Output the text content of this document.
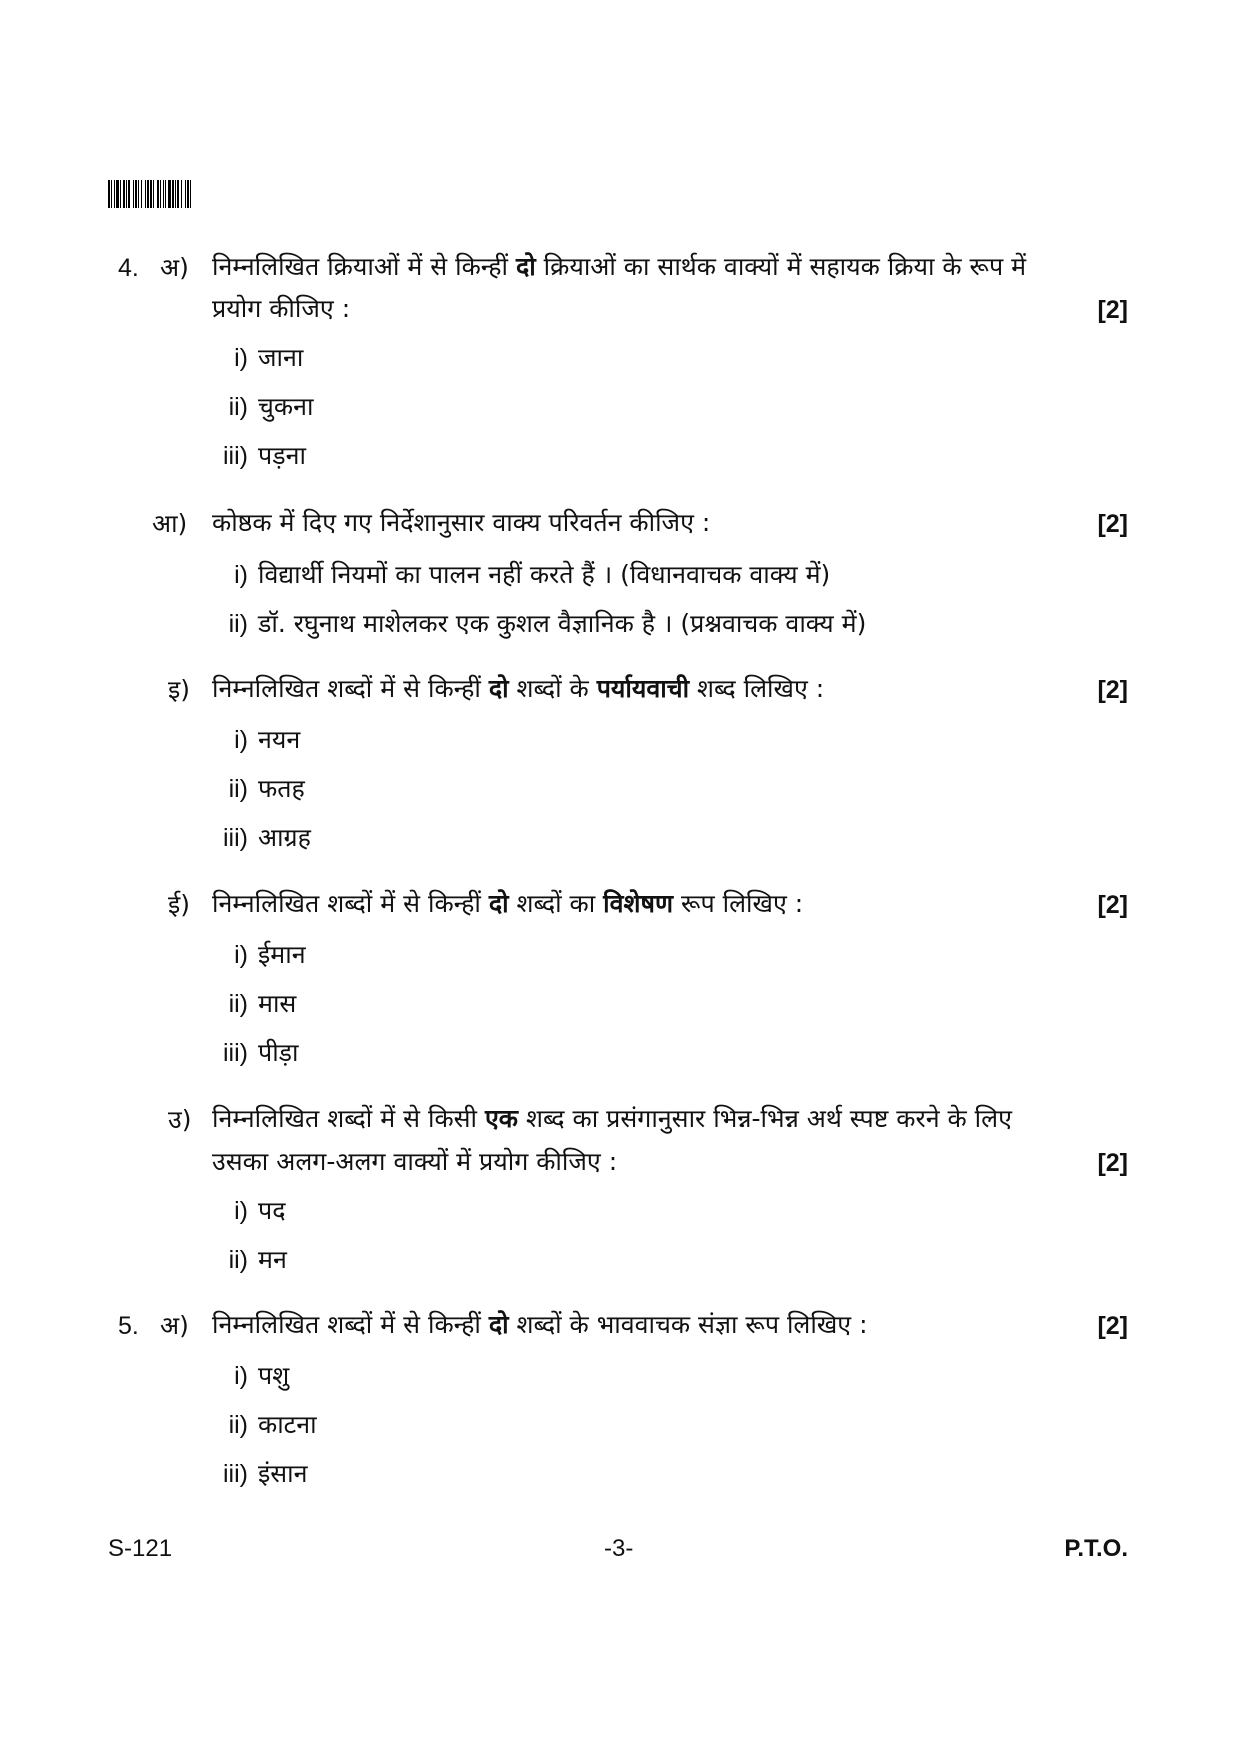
4. अ) निम्नलिखित क्रियाओं में से किन्हीं दो क्रियाओं का सार्थक वाक्यों में सहायक क्रिया के रूप में
प्रयोग कीजिए :	[2]
i) जाना
ii) चुकना
iii) पड़ना
आ) कोष्ठक में दिए गए निर्देशानुसार वाक्य परिवर्तन कीजिए :	[2]
i) विद्यार्थी नियमों का पालन नहीं करते हैं । (विधानवाचक वाक्य में)
ii) डॉ. रघुनाथ माशेलकर एक कुशल वैज्ञानिक है । (प्रश्नवाचक वाक्य में)
इ) निम्नलिखित शब्दों में से किन्हीं दो शब्दों के पर्यायवाची शब्द लिखिए :	[2]
i) नयन
ii) फतह
iii) आग्रह
ई) निम्नलिखित शब्दों में से किन्हीं दो शब्दों का विशेषण रूप लिखिए :	[2]
i) ईमान
ii) मास
iii) पीड़ा
उ) निम्नलिखित शब्दों में से किसी एक शब्द का प्रसंगानुसार भिन्न-भिन्न अर्थ स्पष्ट करने के लिए
उसका अलग-अलग वाक्यों में प्रयोग कीजिए :	[2]
i) पद
ii) मन
5. अ) निम्नलिखित शब्दों में से किन्हीं दो शब्दों के भाववाचक संज्ञा रूप लिखिए :	[2]
i) पशु
ii) काटना
iii) इंसान
S-121	-3-	P.T.O.
